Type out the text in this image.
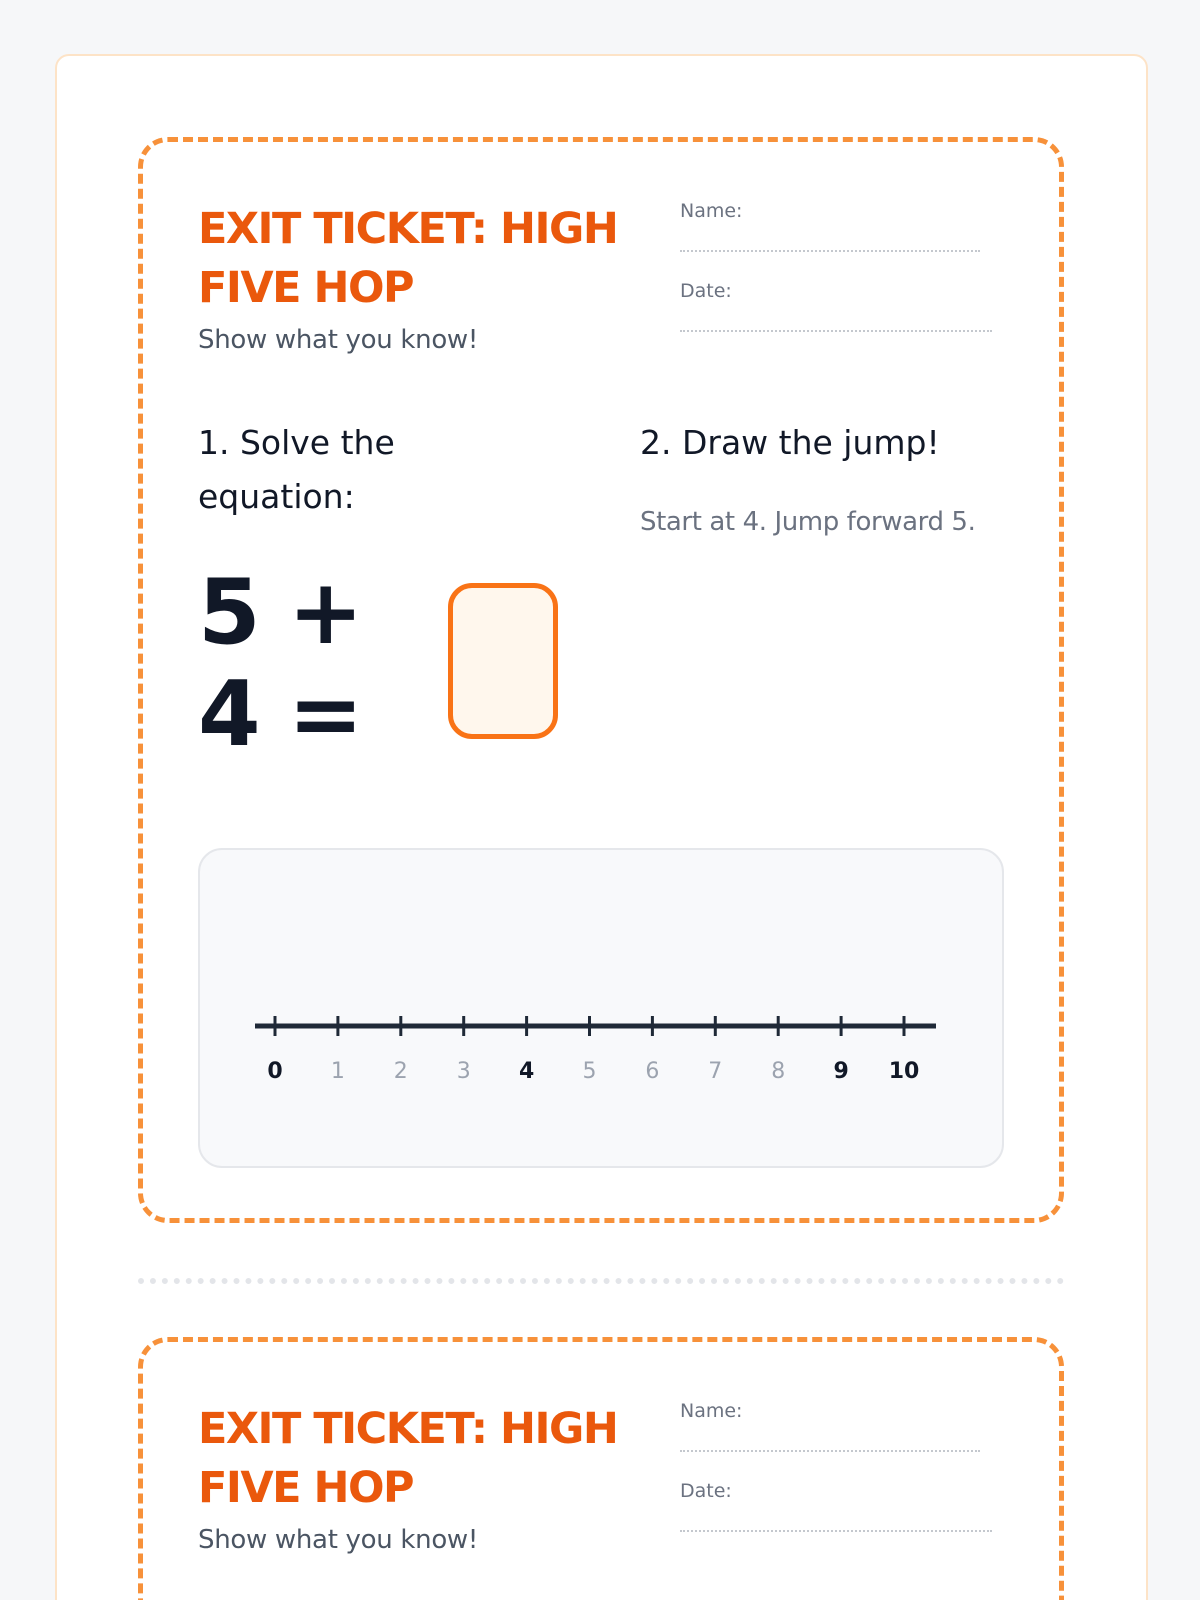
EXIT TICKET: HIGH FIVE HOP
Show what you know!
Name:
Date:
1. Solve the equation:
5 + 4 =
2. Draw the jump!
Start at 4. Jump forward 5.
0 1 2 3 4 5 6 7 8 9 10
EXIT TICKET: HIGH FIVE HOP
Show what you know!
Name:
Date:
